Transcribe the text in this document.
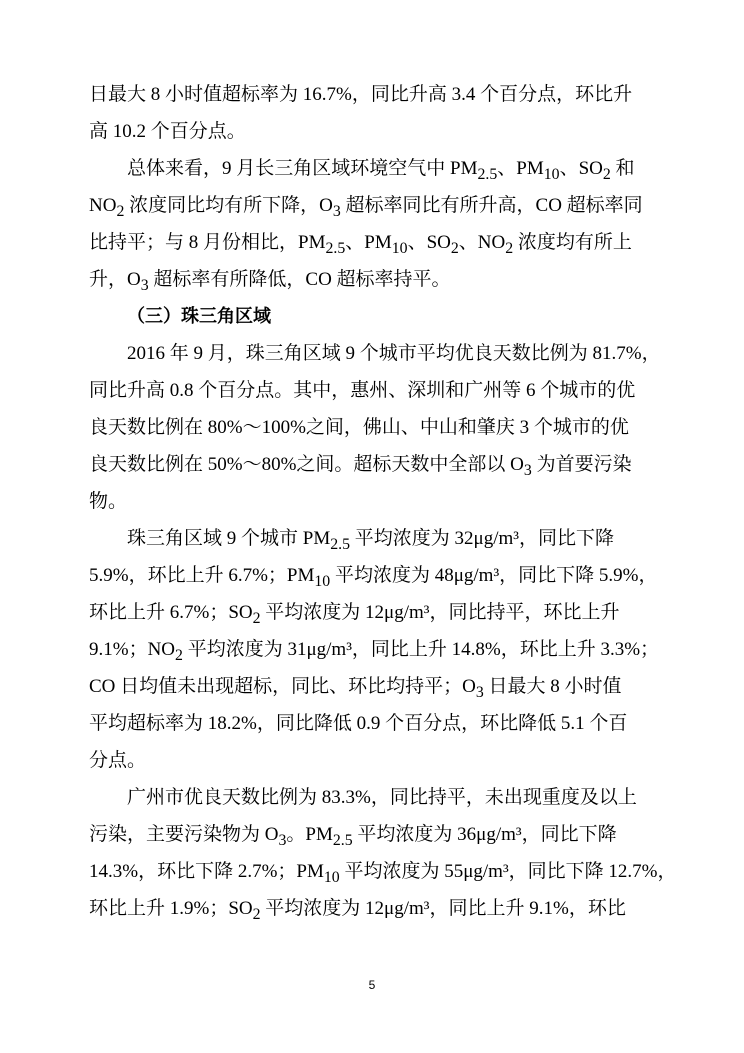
日最大 8 小时值超标率为 16.7%，同比升高 3.4 个百分点，环比升
高 10.2 个百分点。
总体来看，9 月长三角区域环境空气中 $PM_{2.5}$、$PM_{10}$、$SO_2$ 和
$NO_2$ 浓度同比均有所下降，$O_3$ 超标率同比有所升高，CO 超标率同
比持平；与 8 月份相比，$PM_{2.5}$、$PM_{10}$、$SO_2$、$NO_2$ 浓度均有所上
升，$O_3$ 超标率有所降低，CO 超标率持平。
（三）珠三角区域
2016 年 9 月，珠三角区域 9 个城市平均优良天数比例为 81.7%，
同比升高 0.8 个百分点。其中，惠州、深圳和广州等 6 个城市的优
良天数比例在 80%～100%之间，佛山、中山和肇庆 3 个城市的优
良天数比例在 50%～80%之间。超标天数中全部以 $O_3$ 为首要污染
物。
珠三角区域 9 个城市 $PM_{2.5}$ 平均浓度为 32μg/m³，同比下降
5.9%，环比上升 6.7%；$PM_{10}$ 平均浓度为 48μg/m³，同比下降 5.9%，
环比上升 6.7%；$SO_2$ 平均浓度为 12μg/m³，同比持平，环比上升
9.1%；$NO_2$ 平均浓度为 31μg/m³，同比上升 14.8%，环比上升 3.3%；
CO 日均值未出现超标，同比、环比均持平；$O_3$ 日最大 8 小时值
平均超标率为 18.2%，同比降低 0.9 个百分点，环比降低 5.1 个百
分点。
广州市优良天数比例为 83.3%，同比持平，未出现重度及以上
污染，主要污染物为 $O_3$。$PM_{2.5}$ 平均浓度为 36μg/m³，同比下降
14.3%，环比下降 2.7%；$PM_{10}$ 平均浓度为 55μg/m³，同比下降 12.7%，
环比上升 1.9%；$SO_2$ 平均浓度为 12μg/m³，同比上升 9.1%，环比
5
